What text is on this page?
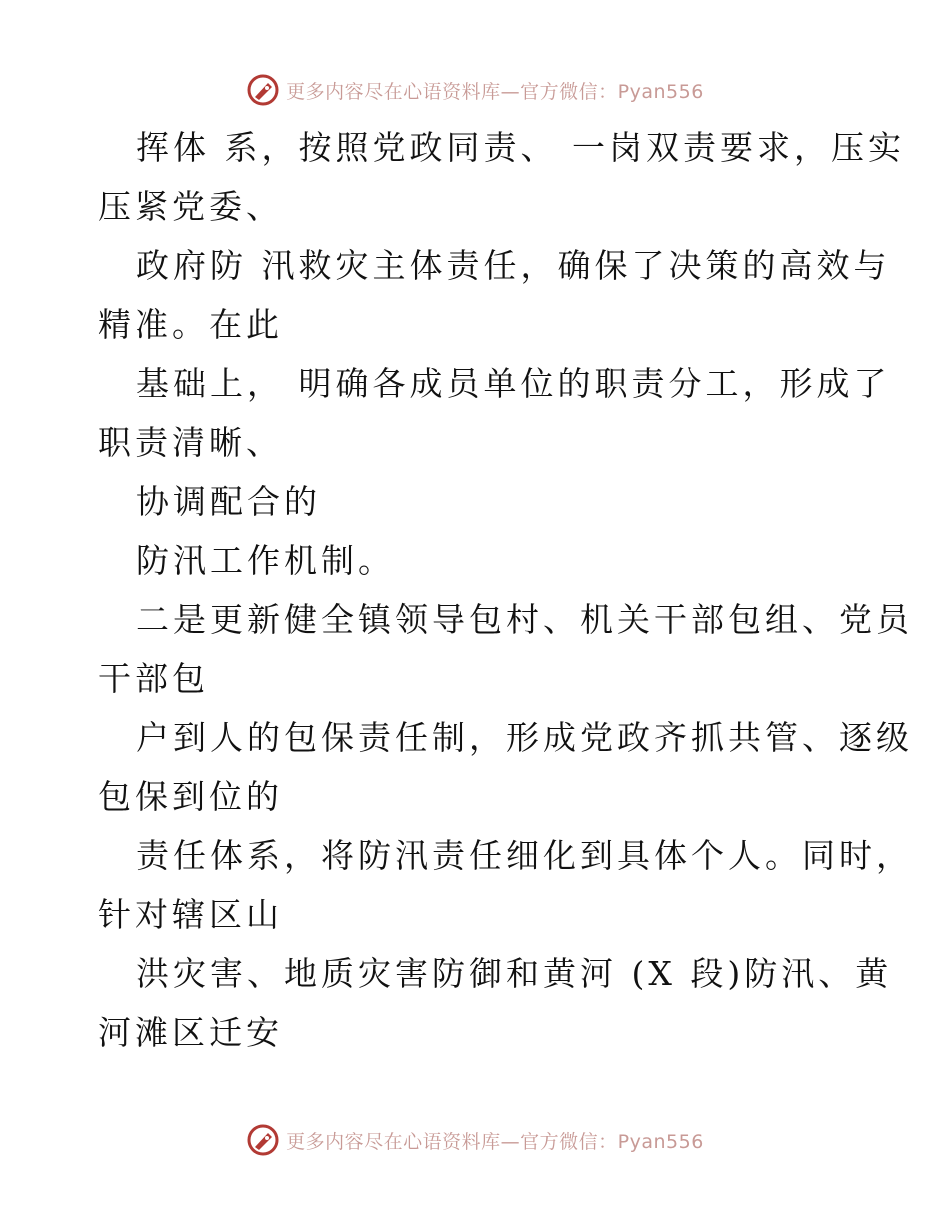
更多内容尽在心语资料库—官方微信：Pyan556

挥体 系，按照党政同责、 一岗双责要求，压实

压紧党委、

政府防 汛救灾主体责任，确保了决策的高效与

精准。在此

基础上， 明确各成员单位的职责分工，形成了

职责清晰、

协调配合的

防汛工作机制。

二是更新健全镇领导包村、机关干部包组、党员

干部包

户到人的包保责任制，形成党政齐抓共管、逐级

包保到位的

责任体系，将防汛责任细化到具体个人。同时，

针对辖区山

洪灾害、地质灾害防御和黄河 (X 段)防汛、黄

河滩区迁安

更多内容尽在心语资料库—官方微信：Pyan556
